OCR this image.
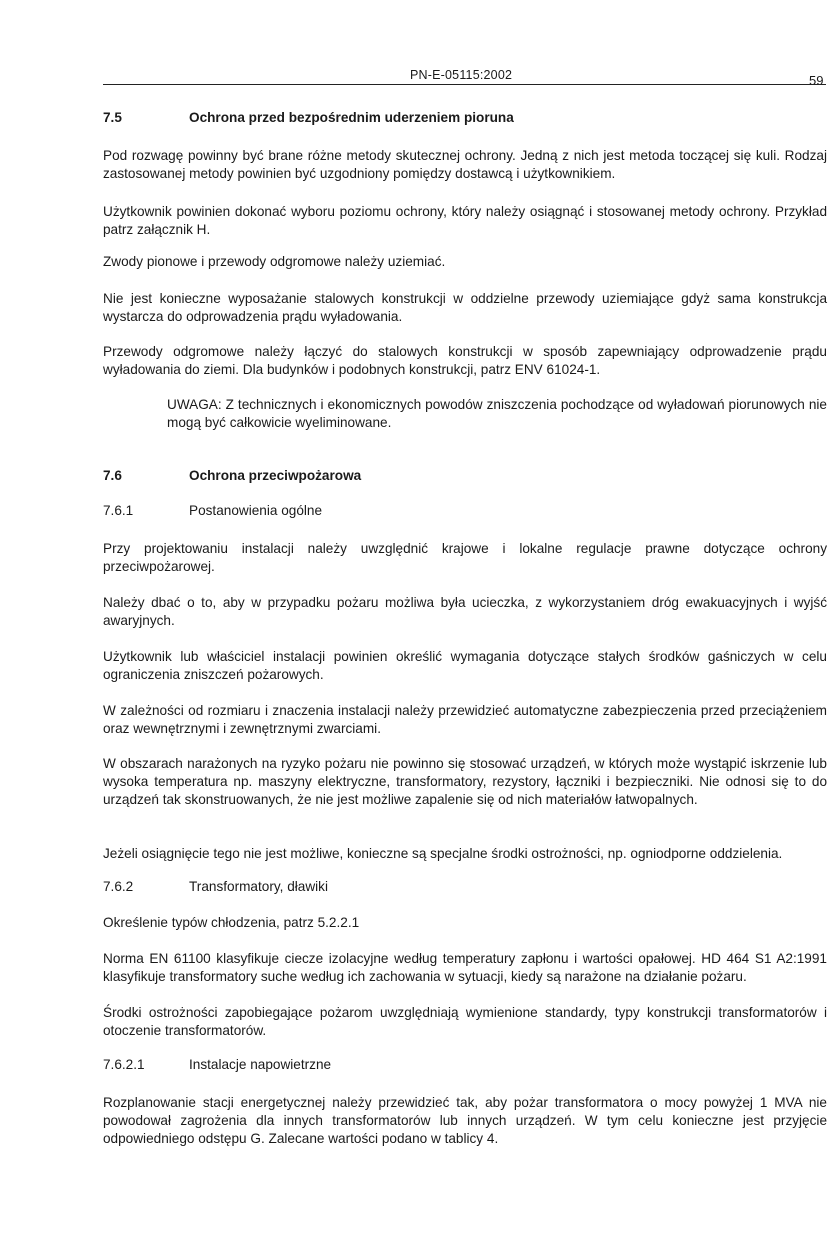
PN-E-05115:2002	59
7.5	Ochrona przed bezpośrednim uderzeniem pioruna

Pod rozwagę powinny być brane różne metody skutecznej ochrony. Jedną z nich jest metoda toczącej się kuli. Rodzaj zastosowanej metody powinien być uzgodniony pomiędzy dostawcą i użytkownikiem.

Użytkownik powinien dokonać wyboru poziomu ochrony, który należy osiągnąć i stosowanej metody ochrony. Przykład patrz załącznik H.

Zwody pionowe i przewody odgromowe należy uziemiać.

Nie jest konieczne wyposażanie stalowych konstrukcji w oddzielne przewody uziemiające gdyż sama konstrukcja wystarcza do odprowadzenia prądu wyładowania.

Przewody odgromowe należy łączyć do stalowych konstrukcji w sposób zapewniający odprowadzenie prądu wyładowania do ziemi. Dla budynków i podobnych konstrukcji, patrz ENV 61024-1.

UWAGA: Z technicznych i ekonomicznych powodów zniszczenia pochodzące od wyładowań piorunowych nie mogą być całkowicie wyeliminowane.

7.6	Ochrona przeciwpożarowa
7.6.1	Postanowienia ogólne

Przy projektowaniu instalacji należy uwzględnić krajowe i lokalne regulacje prawne dotyczące ochrony przeciwpożarowej.

Należy dbać o to, aby w przypadku pożaru możliwa była ucieczka, z wykorzystaniem dróg ewakuacyjnych i wyjść awaryjnych.

Użytkownik lub właściciel instalacji powinien określić wymagania dotyczące stałych środków gaśniczych w celu ograniczenia zniszczeń pożarowych.

W zależności od rozmiaru i znaczenia instalacji należy przewidzieć automatyczne zabezpieczenia przed przeciążeniem oraz wewnętrznymi i zewnętrznymi zwarciami.

W obszarach narażonych na ryzyko pożaru nie powinno się stosować urządzeń, w których może wystąpić iskrzenie lub wysoka temperatura np. maszyny elektryczne, transformatory, rezystory, łączniki i bezpieczniki. Nie odnosi się to do urządzeń tak skonstruowanych, że nie jest możliwe zapalenie się od nich materiałów łatwopalnych.

Jeżeli osiągnięcie tego nie jest możliwe, konieczne są specjalne środki ostrożności, np. ogniodporne oddzielenia.

7.6.2	Transformatory, dławiki

Określenie typów chłodzenia, patrz 5.2.2.1

Norma EN 61100 klasyfikuje ciecze izolacyjne według temperatury zapłonu i wartości opałowej. HD 464 S1 A2:1991 klasyfikuje transformatory suche według ich zachowania w sytuacji, kiedy są narażone na działanie pożaru.

Środki ostrożności zapobiegające pożarom uwzględniają wymienione standardy, typy konstrukcji transformatorów i otoczenie transformatorów.

7.6.2.1	Instalacje napowietrzne

Rozplanowanie stacji energetycznej należy przewidzieć tak, aby pożar transformatora o mocy powyżej 1 MVA nie powodował zagrożenia dla innych transformatorów lub innych urządzeń. W tym celu konieczne jest przyjęcie odpowiedniego odstępu G. Zalecane wartości podano w tablicy 4.
